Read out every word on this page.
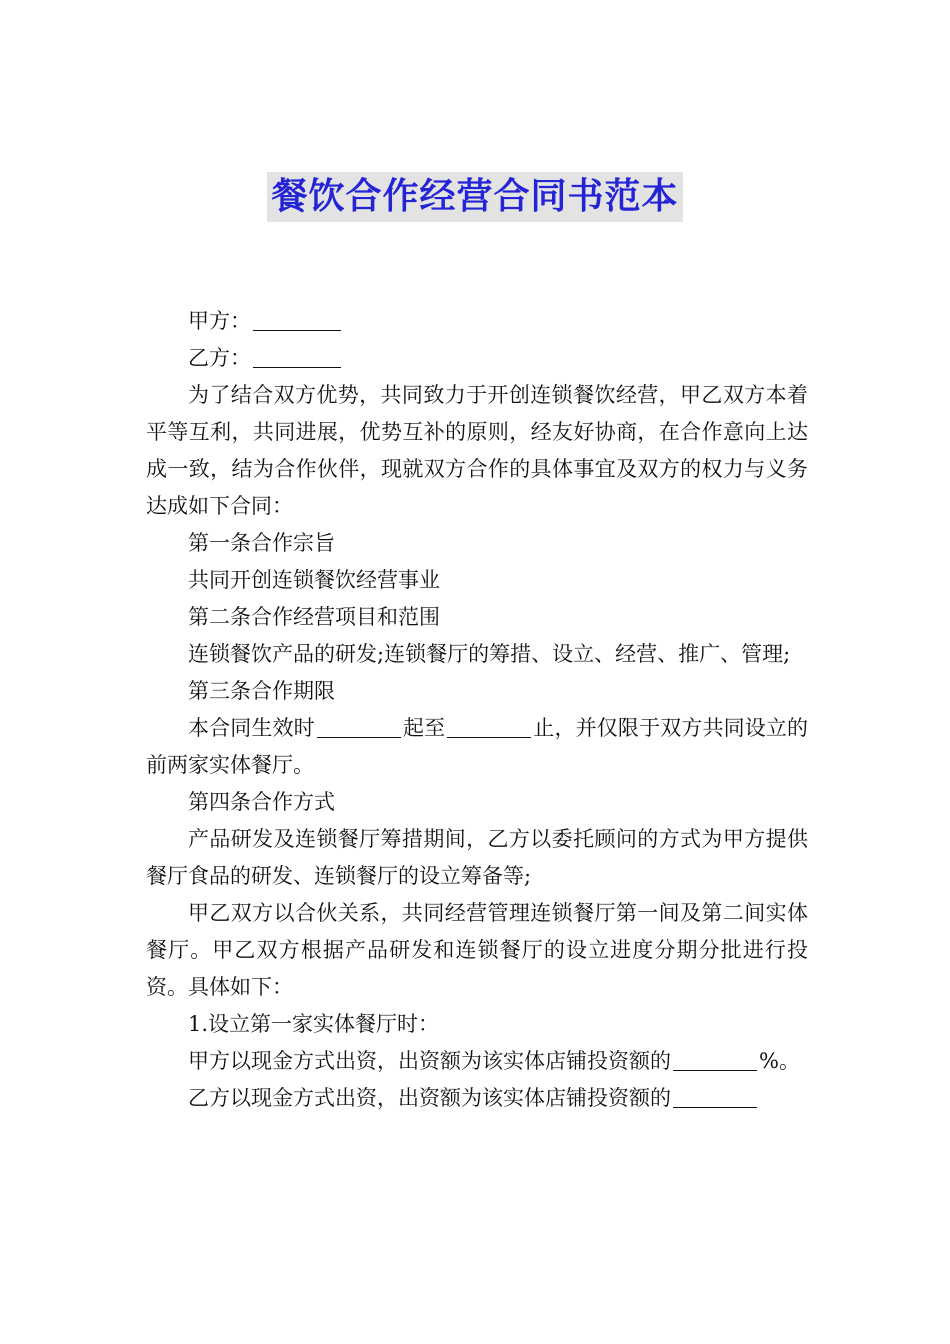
餐饮合作经营合同书范本

甲方：

乙方：

为了结合双方优势，共同致力于开创连锁餐饮经营，甲乙双方本着平等互利，共同进展，优势互补的原则，经友好协商，在合作意向上达成一致，结为合作伙伴，现就双方合作的具体事宜及双方的权力与义务达成如下合同：

第一条合作宗旨

共同开创连锁餐饮经营事业

第二条合作经营项目和范围

连锁餐饮产品的研发;连锁餐厅的筹措、设立、经营、推广、管理;

第三条合作期限

本合同生效时	起至	止，并仅限于双方共同设立的前两家实体餐厅。

第四条合作方式

产品研发及连锁餐厅筹措期间，乙方以委托顾问的方式为甲方提供餐厅食品的研发、连锁餐厅的设立筹备等;

甲乙双方以合伙关系，共同经营管理连锁餐厅第一间及第二间实体餐厅。甲乙双方根据产品研发和连锁餐厅的设立进度分期分批进行投资。具体如下：

1.设立第一家实体餐厅时：

甲方以现金方式出资，出资额为该实体店铺投资额的	%。

乙方以现金方式出资，出资额为该实体店铺投资额的
